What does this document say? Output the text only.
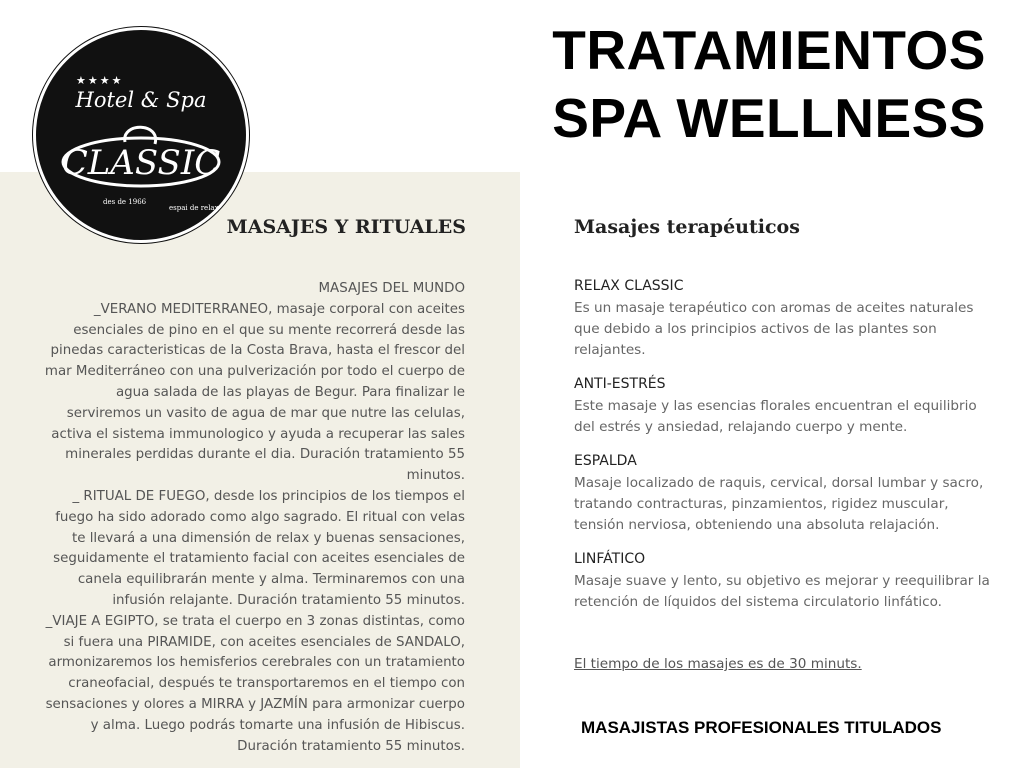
★★★★
Hotel & Spa
CLASSIC
des de 1966
espai de relax
TRATAMIENTOS
SPA WELLNESS
MASAJES Y RITUALES

MASAJES DEL MUNDO

_VERANO MEDITERRANEO, masaje corporal con aceites esenciales de pino en el que su mente recorrerá desde las pinedas caracteristicas de la Costa Brava, hasta el frescor del mar Mediterráneo con una pulverización por todo el cuerpo de agua salada de las playas de Begur. Para finalizar le serviremos un vasito de agua de mar que nutre las celulas, activa el sistema immunologico y ayuda a recuperar las sales minerales perdidas durante el dia. Duración tratamiento 55 minutos.

_ RITUAL DE FUEGO, desde los principios de los tiempos el fuego ha sido adorado como algo sagrado. El ritual con velas te llevará a una dimensión de relax y buenas sensaciones, seguidamente el tratamiento facial con aceites esenciales de canela equilibrarán mente y alma. Terminaremos con una infusión relajante. Duración tratamiento 55 minutos.

_VIAJE A EGIPTO, se trata el cuerpo en 3 zonas distintas, como si fuera una PIRAMIDE, con aceites esenciales de SANDALO, armonizaremos los hemisferios cerebrales con un tratamiento craneofacial, después te transportaremos en el tiempo con sensaciones y olores a MIRRA y JAZMÍN para armonizar cuerpo y alma. Luego podrás tomarte una infusión de Hibiscus. Duración tratamiento 55 minutos.

Masajes terapéuticos
RELAX CLASSIC
Es un masaje terapéutico con aromas de aceites naturales que debido a los principios activos de las plantes son relajantes.
ANTI-ESTRÉS
Este masaje y las esencias florales encuentran el equilibrio del estrés y ansiedad, relajando cuerpo y mente.
ESPALDA
Masaje localizado de raquis, cervical, dorsal lumbar y sacro, tratando contracturas, pinzamientos, rigidez muscular, tensión nerviosa, obteniendo una absoluta relajación.
LINFÁTICO
Masaje suave y lento, su objetivo es mejorar y reequilibrar la retención de líquidos del sistema circulatorio linfático.
El tiempo de los masajes es de 30 minuts.
MASAJISTAS PROFESIONALES TITULADOS
